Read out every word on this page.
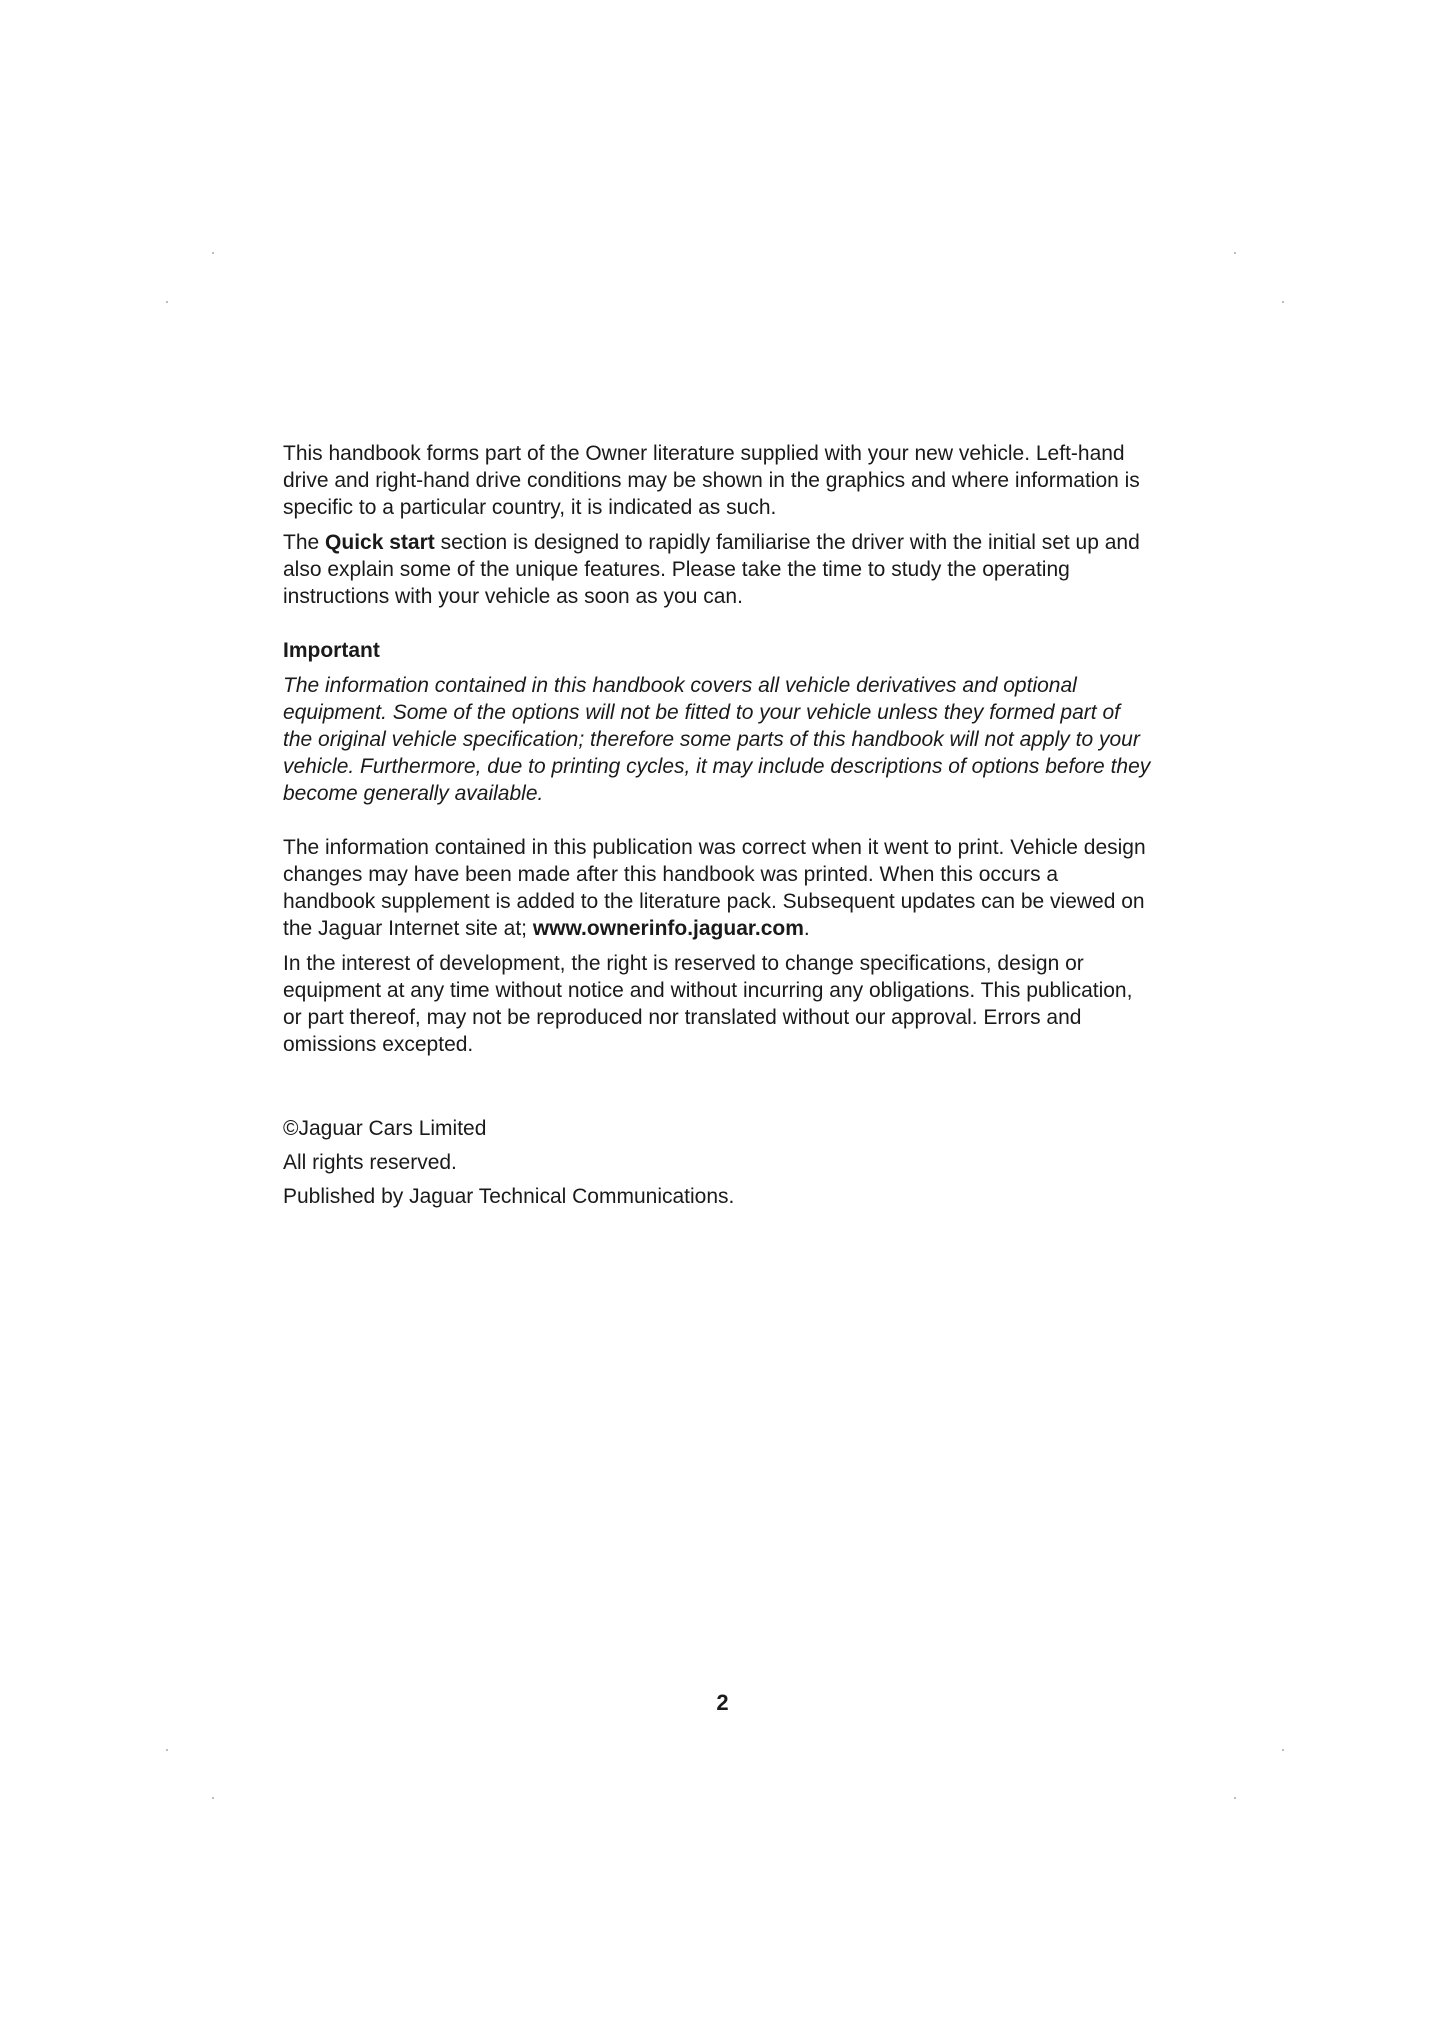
This handbook forms part of the Owner literature supplied with your new vehicle. Left-hand drive and right-hand drive conditions may be shown in the graphics and where information is specific to a particular country, it is indicated as such.

The Quick start section is designed to rapidly familiarise the driver with the initial set up and also explain some of the unique features. Please take the time to study the operating instructions with your vehicle as soon as you can.

Important

The information contained in this handbook covers all vehicle derivatives and optional equipment. Some of the options will not be fitted to your vehicle unless they formed part of the original vehicle specification; therefore some parts of this handbook will not apply to your vehicle. Furthermore, due to printing cycles, it may include descriptions of options before they become generally available.

The information contained in this publication was correct when it went to print. Vehicle design changes may have been made after this handbook was printed. When this occurs a handbook supplement is added to the literature pack. Subsequent updates can be viewed on the Jaguar Internet site at; www.ownerinfo.jaguar.com.

In the interest of development, the right is reserved to change specifications, design or equipment at any time without notice and without incurring any obligations. This publication, or part thereof, may not be reproduced nor translated without our approval. Errors and omissions excepted.

©Jaguar Cars Limited

All rights reserved.

Published by Jaguar Technical Communications.

2
